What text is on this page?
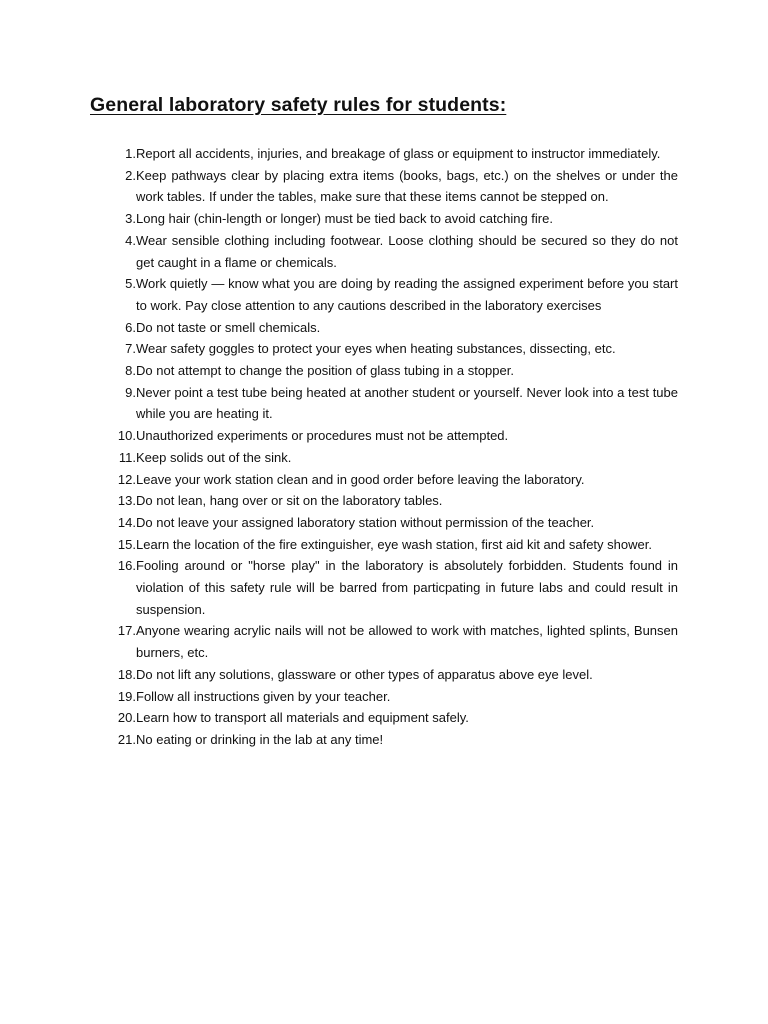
General laboratory safety rules for students:
1. Report all accidents, injuries, and breakage of glass or equipment to instructor immediately.
2. Keep pathways clear by placing extra items (books, bags, etc.) on the shelves or under the work tables. If under the tables, make sure that these items cannot be stepped on.
3. Long hair (chin-length or longer) must be tied back to avoid catching fire.
4. Wear sensible clothing including footwear. Loose clothing should be secured so they do not get caught in a flame or chemicals.
5. Work quietly — know what you are doing by reading the assigned experiment before you start to work. Pay close attention to any cautions described in the laboratory exercises
6. Do not taste or smell chemicals.
7. Wear safety goggles to protect your eyes when heating substances, dissecting, etc.
8. Do not attempt to change the position of glass tubing in a stopper.
9. Never point a test tube being heated at another student or yourself. Never look into a test tube while you are heating it.
10. Unauthorized experiments or procedures must not be attempted.
11. Keep solids out of the sink.
12. Leave your work station clean and in good order before leaving the laboratory.
13. Do not lean, hang over or sit on the laboratory tables.
14. Do not leave your assigned laboratory station without permission of the teacher.
15. Learn the location of the fire extinguisher, eye wash station, first aid kit and safety shower.
16. Fooling around or "horse play" in the laboratory is absolutely forbidden. Students found in violation of this safety rule will be barred from particpating in future labs and could result in suspension.
17. Anyone wearing acrylic nails will not be allowed to work with matches, lighted splints, Bunsen burners, etc.
18. Do not lift any solutions, glassware or other types of apparatus above eye level.
19. Follow all instructions given by your teacher.
20. Learn how to transport all materials and equipment safely.
21. No eating or drinking in the lab at any time!
